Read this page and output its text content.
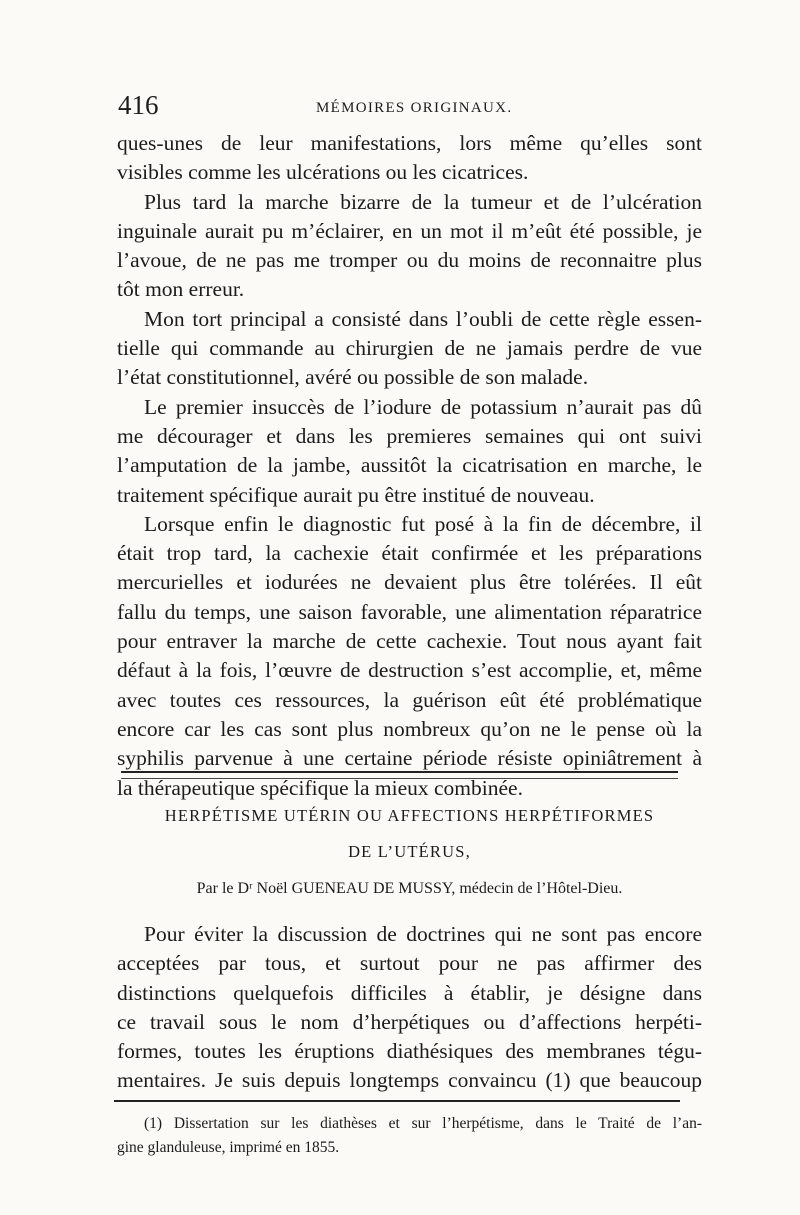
416	MÉMOIRES ORIGINAUX.
ques-unes de leur manifestations, lors même qu’elles sont
visibles comme les ulcérations ou les cicatrices.
Plus tard la marche bizarre de la tumeur et de l’ulcération
inguinale aurait pu m’éclairer, en un mot il m’eût été possible, je
l’avoue, de ne pas me tromper ou du moins de reconnaitre plus
tôt mon erreur.
Mon tort principal a consisté dans l’oubli de cette règle essen-
tielle qui commande au chirurgien de ne jamais perdre de vue
l’état constitutionnel, avéré ou possible de son malade.
Le premier insuccès de l’iodure de potassium n’aurait pas dû
me décourager et dans les premieres semaines qui ont suivi
l’amputation de la jambe, aussitôt la cicatrisation en marche, le
traitement spécifique aurait pu être institué de nouveau.
Lorsque enfin le diagnostic fut posé à la fin de décembre, il
était trop tard, la cachexie était confirmée et les préparations
mercurielles et iodurées ne devaient plus être tolérées. Il eût
fallu du temps, une saison favorable, une alimentation réparatrice
pour entraver la marche de cette cachexie. Tout nous ayant fait
défaut à la fois, l’œuvre de destruction s’est accomplie, et, même
avec toutes ces ressources, la guérison eût été problématique
encore car les cas sont plus nombreux qu’on ne le pense où la
syphilis parvenue à une certaine période résiste opiniâtrement à
la thérapeutique spécifique la mieux combinée.
HERPÉTISME UTÉRIN OU AFFECTIONS HERPÉTIFORMES
DE L’UTÉRUS,
Par le Dʳ Noël GUENEAU DE MUSSY, médecin de l’Hôtel-Dieu.
Pour éviter la discussion de doctrines qui ne sont pas encore
acceptées par tous, et surtout pour ne pas affirmer des
distinctions quelquefois difficiles à établir, je désigne dans
ce travail sous le nom d’herpétiques ou d’affections herpéti-
formes, toutes les éruptions diathésiques des membranes tégu-
mentaires. Je suis depuis longtemps convaincu (1) que beaucoup
(1) Dissertation sur les diathèses et sur l’herpétisme, dans le Traité de l’an-
gine glanduleuse, imprimé en 1855.
